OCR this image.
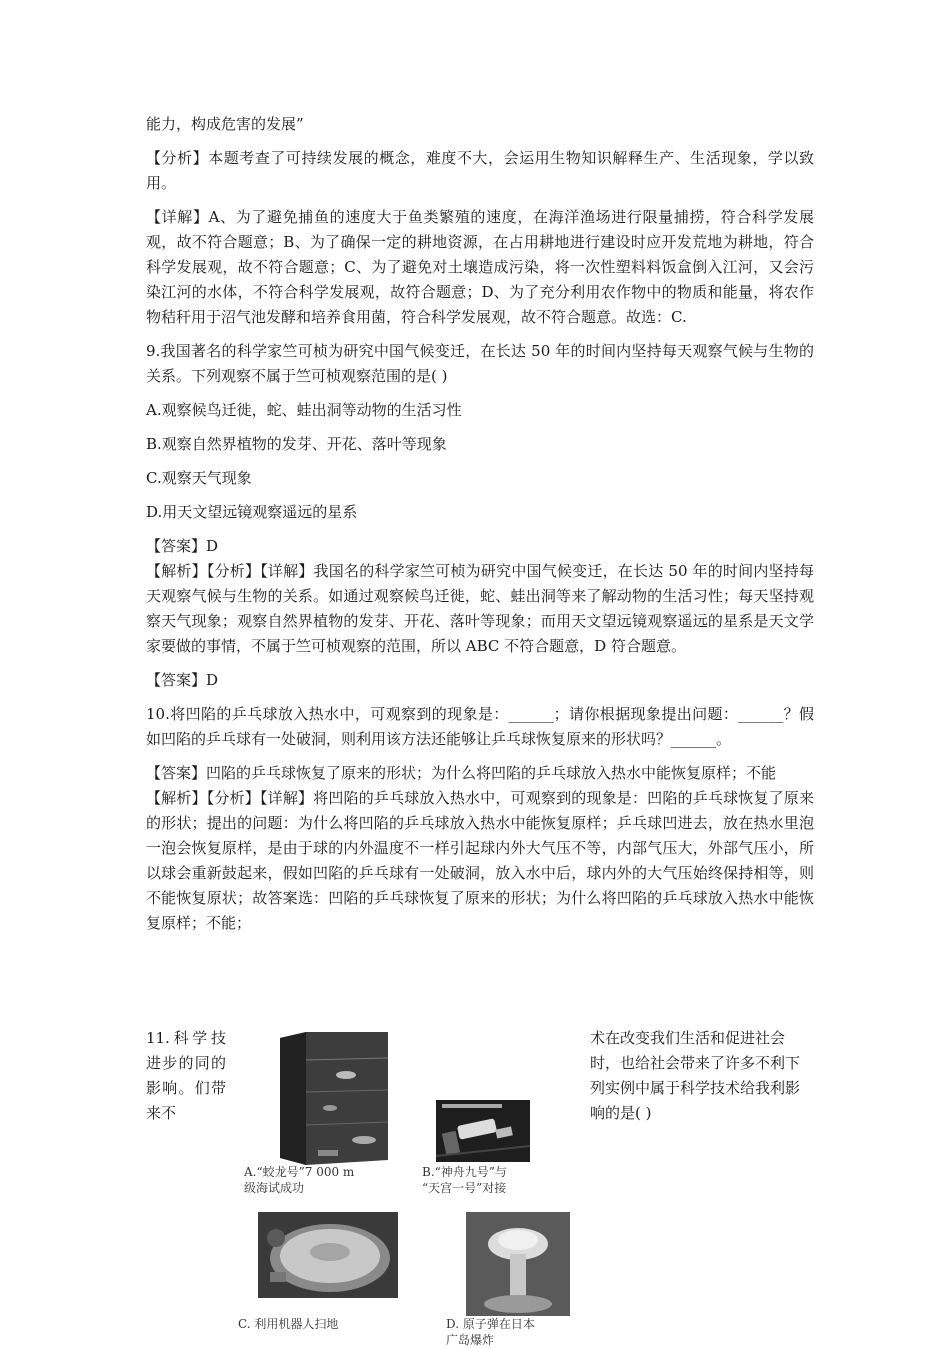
能力，构成危害的发展”

【分析】本题考查了可持续发展的概念，难度不大，会运用生物知识解释生产、生活现象，学以致用。

【详解】A、为了避免捕鱼的速度大于鱼类繁殖的速度，在海洋渔场进行限量捕捞，符合科学发展观，故不符合题意；B、为了确保一定的耕地资源，在占用耕地进行建设时应开发荒地为耕地，符合科学发展观，故不符合题意；C、为了避免对土壤造成污染，将一次性塑料料饭盒倒入江河，又会污染江河的水体，不符合科学发展观，故符合题意；D、为了充分利用农作物中的物质和能量，将农作物秸秆用于沼气池发酵和培养食用菌，符合科学发展观，故不符合题意。故选：C.

9.我国著名的科学家竺可桢为研究中国气候变迁，在长达 50 年的时间内坚持每天观察气候与生物的关系。下列观察不属于竺可桢观察范围的是( )

A.观察候鸟迁徙，蛇、蛙出洞等动物的生活习性

B.观察自然界植物的发芽、开花、落叶等现象

C.观察天气现象

D.用天文望远镜观察遥远的星系

【答案】D

【解析】【分析】【详解】我国名的科学家竺可桢为研究中国气候变迁，在长达 50 年的时间内坚持每天观察气候与生物的关系。如通过观察候鸟迁徙，蛇、蛙出洞等来了解动物的生活习性；每天坚持观察天气现象；观察自然界植物的发芽、开花、落叶等现象；而用天文望远镜观察遥远的星系是天文学家要做的事情，不属于竺可桢观察的范围，所以 ABC 不符合题意，D 符合题意。

【答案】D

10.将凹陷的乒乓球放入热水中，可观察到的现象是：______；请你根据现象提出问题：______？假如凹陷的乒乓球有一处破洞，则利用该方法还能够让乒乓球恢复原来的形状吗？______。

【答案】凹陷的乒乓球恢复了原来的形状；为什么将凹陷的乒乓球放入热水中能恢复原样；不能

【解析】【分析】【详解】将凹陷的乒乓球放入热水中，可观察到的现象是：凹陷的乒乓球恢复了原来的形状；提出的问题：为什么将凹陷的乒乓球放入热水中能恢复原样；乒乓球凹进去，放在热水里泡一泡会恢复原样，是由于球的内外温度不一样引起球内外大气压不等，内部气压大，外部气压小，所以球会重新鼓起来，假如凹陷的乒乓球有一处破洞，放入水中后，球内外的大气压始终保持相等，则不能恢复原状；故答案选：凹陷的乒乓球恢复了原来的形状；为什么将凹陷的乒乓球放入热水中能恢复原样；不能；

11.科学技进步的同的影响。们带来不
术在改变我们生活和促进社会时，也给社会带来了许多不利下列实例中属于科学技术给我利影响的是( )
A.“蛟龙号”7 000 m
级海试成功
B.“神舟九号”与
“天宫一号”对接
C. 利用机器人扫地	D. 原子弹在日本
广岛爆炸
